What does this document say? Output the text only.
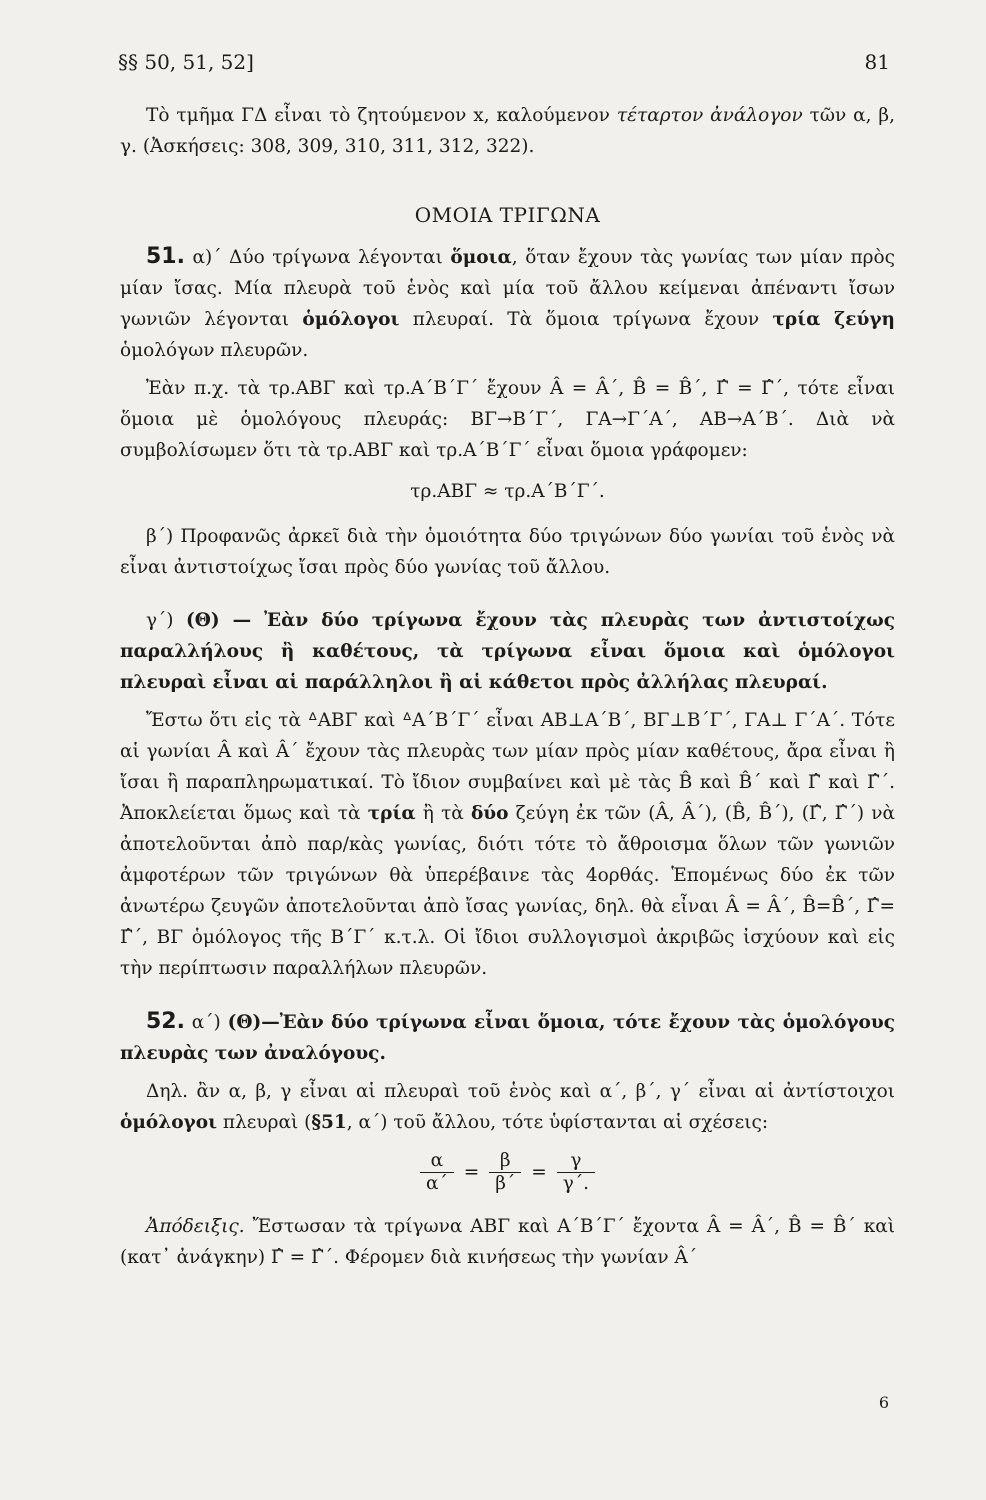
§§ 50, 51, 52]	81

Τὸ τμῆμα ΓΔ εἶναι τὸ ζητούμενον x, καλούμενον τέταρτον ἀνάλογον τῶν α, β, γ. (Ἀσκήσεις: 308, 309, 310, 311, 312, 322).

ΟΜΟΙΑ ΤΡΙΓΩΝΑ

51. α)΄ Δύο τρίγωνα λέγονται ὅμοια, ὅταν ἔχουν τὰς γωνίας των μίαν πρὸς μίαν ἴσας. Μία πλευρὰ τοῦ ἑνὸς καὶ μία τοῦ ἄλλου κείμεναι ἀπέναντι ἴσων γωνιῶν λέγονται ὁμόλογοι πλευραί. Τὰ ὅμοια τρίγωνα ἔχουν τρία ζεύγη ὁμολόγων πλευρῶν.

Ἐὰν π.χ. τὰ τρ.ΑΒΓ καὶ τρ.Α΄Β΄Γ΄ ἔχουν Â = Â΄, B̂ = B̂΄, Γ̂ = Γ̂΄, τότε εἶναι ὅμοια μὲ ὁμολόγους πλευράς: ΒΓ→Β΄Γ΄, ΓΑ→Γ΄Α΄, ΑΒ→Α΄Β΄. Διὰ νὰ συμβολίσωμεν ὅτι τὰ τρ.ΑΒΓ καὶ τρ.Α΄Β΄Γ΄ εἶναι ὅμοια γράφομεν:

τρ.ΑΒΓ ≈ τρ.Α΄Β΄Γ΄.

β΄) Προφανῶς ἀρκεῖ διὰ τὴν ὁμοιότητα δύο τριγώνων δύο γωνίαι τοῦ ἑνὸς νὰ εἶναι ἀντιστοίχως ἴσαι πρὸς δύο γωνίας τοῦ ἄλλου.

γ΄) (Θ) — Ἐὰν δύο τρίγωνα ἔχουν τὰς πλευρὰς των ἀντιστοίχως παραλλήλους ἢ καθέτους, τὰ τρίγωνα εἶναι ὅμοια καὶ ὁμόλογοι πλευραὶ εἶναι αἱ παράλληλοι ἢ αἱ κάθετοι πρὸς ἀλλήλας πλευραί.

Ἔστω ὅτι εἰς τὰ ᐞΑΒΓ καὶ ᐞΑ΄Β΄Γ΄ εἶναι ΑΒ⊥Α΄Β΄, ΒΓ⊥Β΄Γ΄, ΓΑ⊥ Γ΄Α΄. Τότε αἱ γωνίαι Â καὶ Â΄ ἔχουν τὰς πλευρὰς των μίαν πρὸς μίαν καθέτους, ἄρα εἶναι ἢ ἴσαι ἢ παραπληρωματικαί. Τὸ ἴδιον συμβαίνει καὶ μὲ τὰς B̂ καὶ B̂΄ καὶ Γ̂ καὶ Γ̂΄. Ἀποκλείεται ὅμως καὶ τὰ τρία ἢ τὰ δύο ζεύγη ἐκ τῶν (Â, Â΄), (B̂, B̂΄), (Γ̂, Γ̂΄) νὰ ἀποτελοῦνται ἀπὸ παρ/κὰς γωνίας, διότι τότε τὸ ἄθροισμα ὅλων τῶν γωνιῶν ἀμφοτέρων τῶν τριγώνων θὰ ὑπερέβαινε τὰς 4ορθάς. Ἑπομένως δύο ἐκ τῶν ἀνωτέρω ζευγῶν ἀποτελοῦνται ἀπὸ ἴσας γωνίας, δηλ. θὰ εἶναι Â = Â΄, B̂=B̂΄, Γ̂= Γ̂΄, ΒΓ ὁμόλογος τῆς Β΄Γ΄ κ.τ.λ. Οἱ ἴδιοι συλλογισμοὶ ἀκριβῶς ἰσχύουν καὶ εἰς τὴν περίπτωσιν παραλλήλων πλευρῶν.

52. α΄) (Θ)—Ἐὰν δύο τρίγωνα εἶναι ὅμοια, τότε ἔχουν τὰς ὁμολόγους πλευρὰς των ἀναλόγους.

Δηλ. ἂν α, β, γ εἶναι αἱ πλευραὶ τοῦ ἑνὸς καὶ α΄, β΄, γ΄ εἶναι αἱ ἀντίστοιχοι ὁμόλογοι πλευραὶ (§51, α΄) τοῦ ἄλλου, τότε ὑφίστανται αἱ σχέσεις:

$\frac{\alpha}{\alpha΄} = \frac{\beta}{\beta΄} = \frac{\gamma}{\gamma΄.}$

Ἀπόδειξις. Ἔστωσαν τὰ τρίγωνα ΑΒΓ καὶ Α΄Β΄Γ΄ ἔχοντα Â = Â΄, B̂ = B̂΄ καὶ (κατ᾽ ἀνάγκην) Γ̂ = Γ̂΄. Φέρομεν διὰ κινήσεως τὴν γωνίαν Â΄

6
